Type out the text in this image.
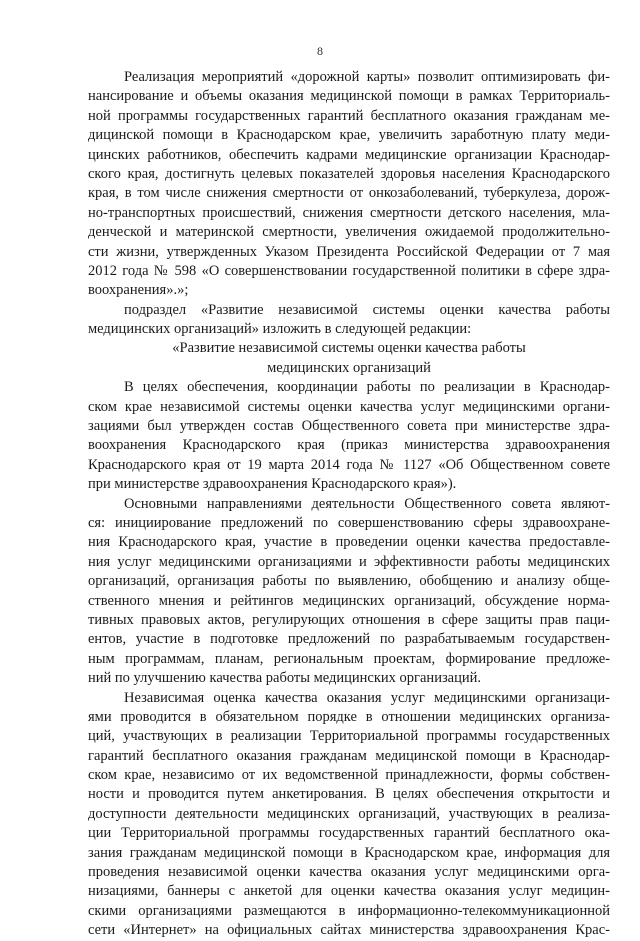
8
Реализация мероприятий «дорожной карты» позволит оптимизировать фи-
нансирование и объемы оказания медицинской помощи в рамках Территориаль-
ной программы государственных гарантий бесплатного оказания гражданам ме-
дицинской помощи в Краснодарском крае, увеличить заработную плату меди-
цинских работников, обеспечить кадрами медицинские организации Краснодар-
ского края, достигнуть целевых показателей здоровья населения Краснодарского
края, в том числе снижения смертности от онкозаболеваний, туберкулеза, дорож-
но-транспортных происшествий, снижения смертности детского населения, мла-
денческой и материнской смертности, увеличения ожидаемой продолжительно-
сти жизни, утвержденных Указом Президента Российской Федерации от 7 мая
2012 года № 598 «О совершенствовании государственной политики в сфере здра-
воохранения».»;
подраздел «Развитие независимой системы оценки качества работы
медицинских организаций» изложить в следующей редакции:
«Развитие независимой системы оценки качества работы
медицинских организаций
В целях обеспечения, координации работы по реализации в Краснодар-
ском крае независимой системы оценки качества услуг медицинскими органи-
зациями был утвержден состав Общественного совета при министерстве здра-
воохранения Краснодарского края (приказ министерства здравоохранения
Краснодарского края от 19 марта 2014 года № 1127 «Об Общественном совете
при министерстве здравоохранения Краснодарского края»).
Основными направлениями деятельности Общественного совета являют-
ся: инициирование предложений по совершенствованию сферы здравоохране-
ния Краснодарского края, участие в проведении оценки качества предоставле-
ния услуг медицинскими организациями и эффективности работы медицинских
организаций, организация работы по выявлению, обобщению и анализу обще-
ственного мнения и рейтингов медицинских организаций, обсуждение норма-
тивных правовых актов, регулирующих отношения в сфере защиты прав паци-
ентов, участие в подготовке предложений по разрабатываемым государствен-
ным программам, планам, региональным проектам, формирование предложе-
ний по улучшению качества работы медицинских организаций.
Независимая оценка качества оказания услуг медицинскими организаци-
ями проводится в обязательном порядке в отношении медицинских организа-
ций, участвующих в реализации Территориальной программы государственных
гарантий бесплатного оказания гражданам медицинской помощи в Краснодар-
ском крае, независимо от их ведомственной принадлежности, формы собствен-
ности и проводится путем анкетирования. В целях обеспечения открытости и
доступности деятельности медицинских организаций, участвующих в реализа-
ции Территориальной программы государственных гарантий бесплатного ока-
зания гражданам медицинской помощи в Краснодарском крае, информация для
проведения независимой оценки качества оказания услуг медицинскими орга-
низациями, баннеры с анкетой для оценки качества оказания услуг медицин-
скими организациями размещаются в информационно-телекоммуникационной
сети «Интернет» на официальных сайтах министерства здравоохранения Крас-
